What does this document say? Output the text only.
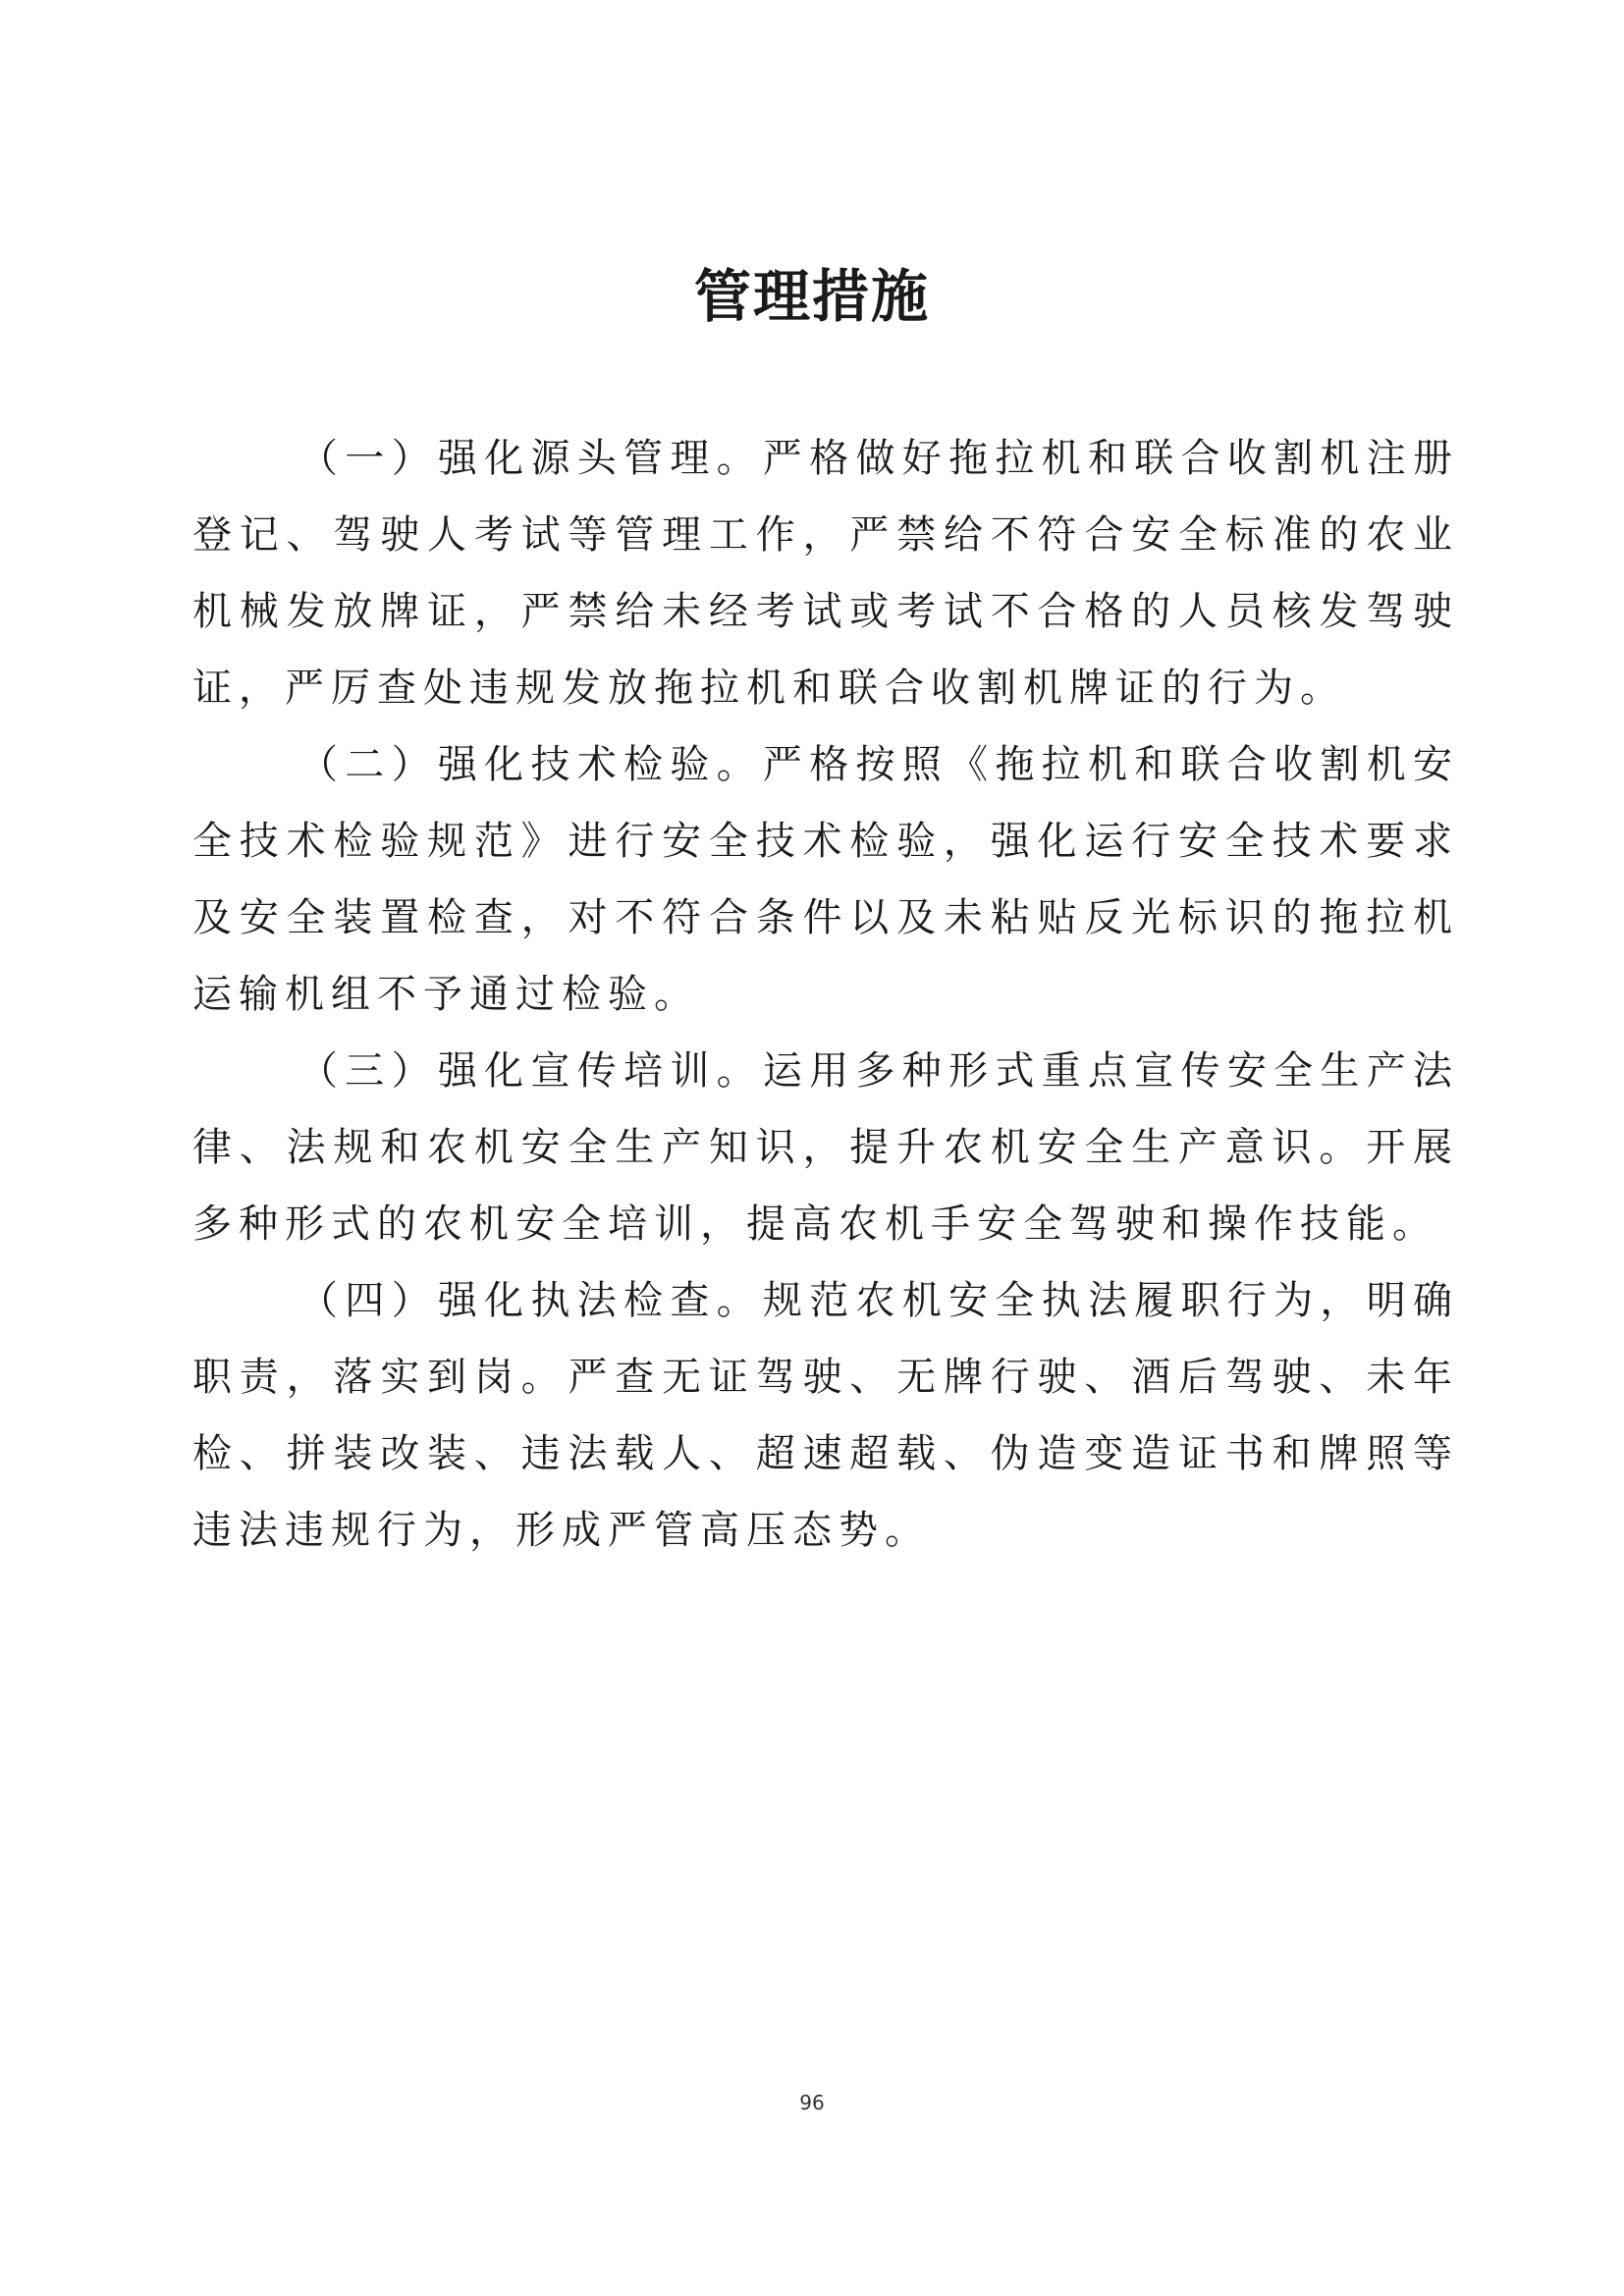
管理措施

（一）强化源头管理。严格做好拖拉机和联合收割机注册登记、驾驶人考试等管理工作，严禁给不符合安全标准的农业机械发放牌证，严禁给未经考试或考试不合格的人员核发驾驶证，严厉查处违规发放拖拉机和联合收割机牌证的行为。

（二）强化技术检验。严格按照《拖拉机和联合收割机安全技术检验规范》进行安全技术检验，强化运行安全技术要求及安全装置检查，对不符合条件以及未粘贴反光标识的拖拉机运输机组不予通过检验。

（三）强化宣传培训。运用多种形式重点宣传安全生产法律、法规和农机安全生产知识，提升农机安全生产意识。开展多种形式的农机安全培训，提高农机手安全驾驶和操作技能。

（四）强化执法检查。规范农机安全执法履职行为，明确职责，落实到岗。严查无证驾驶、无牌行驶、酒后驾驶、未年检、拼装改装、违法载人、超速超载、伪造变造证书和牌照等违法违规行为，形成严管高压态势。

96
